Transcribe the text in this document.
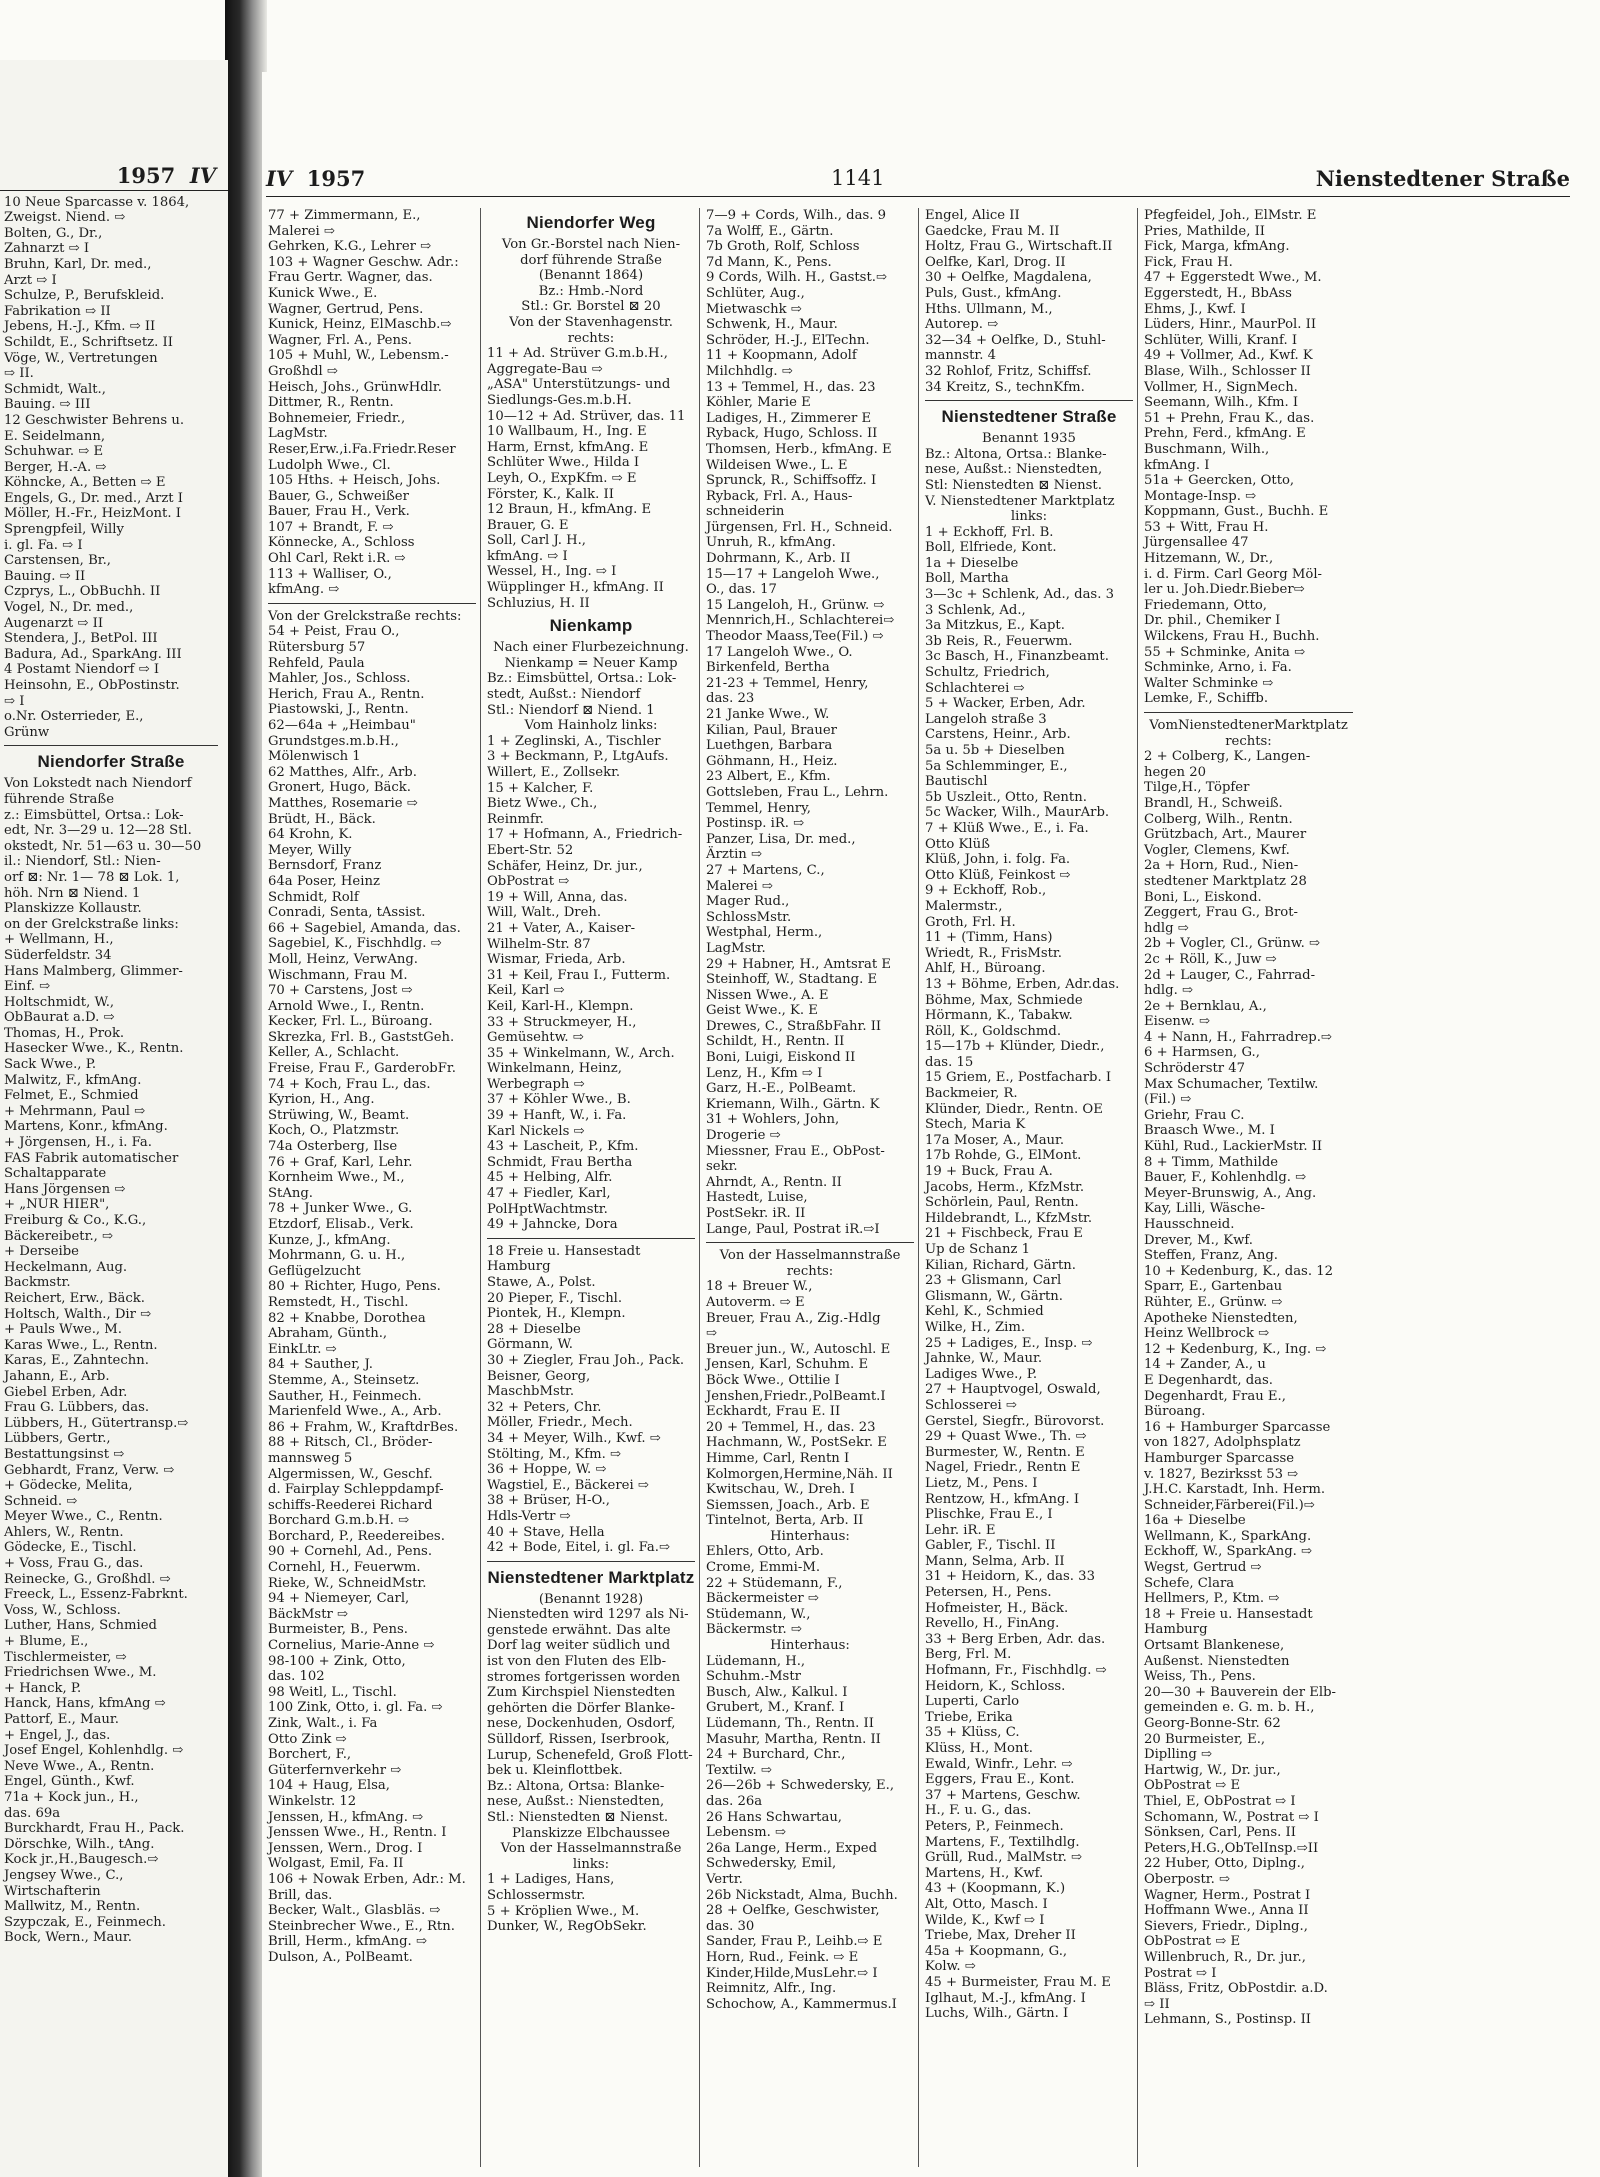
1957 IV
10 Neue Sparcasse v. 1864,
Zweigst. Niend. ⇨
Bolten, G., Dr.,
Zahnarzt ⇨ I
Bruhn, Karl, Dr. med.,
Arzt ⇨ I
Schulze, P., Berufskleid.
Fabrikation ⇨ II
Jebens, H.-J., Kfm. ⇨ II
Schildt, E., Schriftsetz. II
Vöge, W., Vertretungen
⇨ II.
Schmidt, Walt.,
Bauing. ⇨ III
12 Geschwister Behrens u.
E. Seidelmann,
Schuhwar. ⇨ E
Berger, H.-A. ⇨
Köhncke, A., Betten ⇨ E
Engels, G., Dr. med., Arzt I
Möller, H.-Fr., HeizMont. I
Sprengpfeil, Willy
i. gl. Fa. ⇨ I
Carstensen, Br.,
Bauing. ⇨ II
Czprys, L., ObBuchh. II
Vogel, N., Dr. med.,
Augenarzt ⇨ II
Stendera, J., BetPol. III
Badura, Ad., SparkAng. III
4 Postamt Niendorf ⇨ I
Heinsohn, E., ObPostinstr.
⇨ I
o.Nr. Osterrieder, E.,
Grünw
Niendorfer Straße
Von Lokstedt nach Niendorf
führende Straße
z.: Eimsbüttel, Ortsa.: Lok-
edt, Nr. 3—29 u. 12—28 Stl.
okstedt, Nr. 51—63 u. 30—50
il.: Niendorf, Stl.: Nien-
orf ⊠: Nr. 1— 78 ⊠ Lok. 1,
höh. Nrn ⊠ Niend. 1
Planskizze Kollaustr.
on der Grelckstraße links:
+ Wellmann, H.,
Süderfeldstr. 34
Hans Malmberg, Glimmer-
Einf. ⇨
Holtschmidt, W.,
ObBaurat a.D. ⇨
Thomas, H., Prok.
Hasecker Wwe., K., Rentn.
Sack Wwe., P.
Malwitz, F., kfmAng.
Felmet, E., Schmied
+ Mehrmann, Paul ⇨
Martens, Konr., kfmAng.
+ Jörgensen, H., i. Fa.
FAS Fabrik automatischer
Schaltapparate
Hans Jörgensen ⇨
+ „NUR HIER",
Freiburg & Co., K.G.,
Bäckereibetr., ⇨
+ Derseibe
Heckelmann, Aug.
Backmstr.
Reichert, Erw., Bäck.
Holtsch, Walth., Dir ⇨
+ Pauls Wwe., M.
Karas Wwe., L., Rentn.
Karas, E., Zahntechn.
Jahann, E., Arb.
Giebel Erben, Adr.
Frau G. Lübbers, das.
Lübbers, H., Gütertransp.⇨
Lübbers, Gertr.,
Bestattungsinst ⇨
Gebhardt, Franz, Verw. ⇨
+ Gödecke, Melita,
Schneid. ⇨
Meyer Wwe., C., Rentn.
Ahlers, W., Rentn.
Gödecke, E., Tischl.
+ Voss, Frau G., das.
Reinecke, G., Großhdl. ⇨
Freeck, L., Essenz-Fabrknt.
Voss, W., Schloss.
Luther, Hans, Schmied
+ Blume, E.,
Tischlermeister, ⇨
Friedrichsen Wwe., M.
+ Hanck, P.
Hanck, Hans, kfmAng ⇨
Pattorf, E., Maur.
+ Engel, J., das.
Josef Engel, Kohlenhdlg. ⇨
Neve Wwe., A., Rentn.
Engel, Günth., Kwf.
71a + Kock jun., H.,
das. 69a
Burckhardt, Frau H., Pack.
Dörschke, Wilh., tAng.
Kock jr.,H.,Baugesch.⇨
Jengsey Wwe., C.,
Wirtschafterin
Mallwitz, M., Rentn.
Szypczak, E., Feinmech.
Bock, Wern., Maur.
IV 1957	1141	Nienstedtener Straße
77 + Zimmermann, E.,
Malerei ⇨
Gehrken, K.G., Lehrer ⇨
103 + Wagner Geschw. Adr.:
Frau Gertr. Wagner, das.
Kunick Wwe., E.
Wagner, Gertrud, Pens.
Kunick, Heinz, ElMaschb.⇨
Wagner, Frl. A., Pens.
105 + Muhl, W., Lebensm.-
Großhdl ⇨
Heisch, Johs., GrünwHdlr.
Dittmer, R., Rentn.
Bohnemeier, Friedr.,
LagMstr.
Reser,Erw.,i.Fa.Friedr.Reser
Ludolph Wwe., Cl.
105 Hths. + Heisch, Johs.
Bauer, G., Schweißer
Bauer, Frau H., Verk.
107 + Brandt, F. ⇨
Könnecke, A., Schloss
Ohl Carl, Rekt i.R. ⇨
113 + Walliser, O.,
kfmAng. ⇨
Von der Grelckstraße rechts:
54 + Peist, Frau O.,
Rütersburg 57
Rehfeld, Paula
Mahler, Jos., Schloss.
Herich, Frau A., Rentn.
Piastowski, J., Rentn.
62—64a + „Heimbau"
Grundstges.m.b.H.,
Mölenwisch 1
62 Matthes, Alfr., Arb.
Gronert, Hugo, Bäck.
Matthes, Rosemarie ⇨
Brüdt, H., Bäck.
64 Krohn, K.
Meyer, Willy
Bernsdorf, Franz
64a Poser, Heinz
Schmidt, Rolf
Conradi, Senta, tAssist.
66 + Sagebiel, Amanda, das.
Sagebiel, K., Fischhdlg. ⇨
Moll, Heinz, VerwAng.
Wischmann, Frau M.
70 + Carstens, Jost ⇨
Arnold Wwe., I., Rentn.
Kecker, Frl. L., Büroang.
Skrezka, Frl. B., GaststGeh.
Keller, A., Schlacht.
Freise, Frau F., GarderobFr.
74 + Koch, Frau L., das.
Kyrion, H., Ang.
Strüwing, W., Beamt.
Koch, O., Platzmstr.
74a Osterberg, Ilse
76 + Graf, Karl, Lehr.
Kornheim Wwe., M.,
StAng.
78 + Junker Wwe., G.
Etzdorf, Elisab., Verk.
Kunze, J., kfmAng.
Mohrmann, G. u. H.,
Geflügelzucht
80 + Richter, Hugo, Pens.
Remstedt, H., Tischl.
82 + Knabbe, Dorothea
Abraham, Günth.,
EinkLtr. ⇨
84 + Sauther, J.
Stemme, A., Steinsetz.
Sauther, H., Feinmech.
Marienfeld Wwe., A., Arb.
86 + Frahm, W., KraftdrBes.
88 + Ritsch, Cl., Bröder-
mannsweg 5
Algermissen, W., Geschf.
d. Fairplay Schleppdampf-
schiffs-Reederei Richard
Borchard G.m.b.H. ⇨
Borchard, P., Reedereibes.
90 + Cornehl, Ad., Pens.
Cornehl, H., Feuerwm.
Rieke, W., SchneidMstr.
94 + Niemeyer, Carl,
BäckMstr ⇨
Burmeister, B., Pens.
Cornelius, Marie-Anne ⇨
98-100 + Zink, Otto,
das. 102
98 Weitl, L., Tischl.
100 Zink, Otto, i. gl. Fa. ⇨
Zink, Walt., i. Fa
Otto Zink ⇨
Borchert, F.,
Güterfernverkehr ⇨
104 + Haug, Elsa,
Winkelstr. 12
Jenssen, H., kfmAng. ⇨
Jenssen Wwe., H., Rentn. I
Jenssen, Wern., Drog. I
Wolgast, Emil, Fa. II
106 + Nowak Erben, Adr.: M.
Brill, das.
Becker, Walt., Glasbläs. ⇨
Steinbrecher Wwe., E., Rtn.
Brill, Herm., kfmAng. ⇨
Dulson, A., PolBeamt.
Niendorfer Weg
Von Gr.-Borstel nach Nien-
dorf führende Straße
(Benannt 1864)
Bz.: Hmb.-Nord
Stl.: Gr. Borstel ⊠ 20
Von der Stavenhagenstr.
rechts:
11 + Ad. Strüver G.m.b.H.,
Aggregate-Bau ⇨
„ASA" Unterstützungs- und
Siedlungs-Ges.m.b.H.
10—12 + Ad. Strüver, das. 11
10 Wallbaum, H., Ing. E
Harm, Ernst, kfmAng. E
Schlüter Wwe., Hilda I
Leyh, O., ExpKfm. ⇨ E
Förster, K., Kalk. II
12 Braun, H., kfmAng. E
Brauer, G. E
Soll, Carl J. H.,
kfmAng. ⇨ I
Wessel, H., Ing. ⇨ I
Wüpplinger H., kfmAng. II
Schluzius, H. II
Nienkamp
Nach einer Flurbezeichnung.
Nienkamp = Neuer Kamp
Bz.: Eimsbüttel, Ortsa.: Lok-
stedt, Außst.: Niendorf
Stl.: Niendorf ⊠ Niend. 1
Vom Hainholz links:
1 + Zeglinski, A., Tischler
3 + Beckmann, P., LtgAufs.
Willert, E., Zollsekr.
15 + Kalcher, F.
Bietz Wwe., Ch.,
Reinmfr.
17 + Hofmann, A., Friedrich-
Ebert-Str. 52
Schäfer, Heinz, Dr. jur.,
ObPostrat ⇨
19 + Will, Anna, das.
Will, Walt., Dreh.
21 + Vater, A., Kaiser-
Wilhelm-Str. 87
Wismar, Frieda, Arb.
31 + Keil, Frau I., Futterm.
Keil, Karl ⇨
Keil, Karl-H., Klempn.
33 + Struckmeyer, H.,
Gemüsehtw. ⇨
35 + Winkelmann, W., Arch.
Winkelmann, Heinz,
Werbegraph ⇨
37 + Köhler Wwe., B.
39 + Hanft, W., i. Fa.
Karl Nickels ⇨
43 + Lascheit, P., Kfm.
Schmidt, Frau Bertha
45 + Helbing, Alfr.
47 + Fiedler, Karl,
PolHptWachtmstr.
49 + Jahncke, Dora
18 Freie u. Hansestadt
Hamburg
Stawe, A., Polst.
20 Pieper, F., Tischl.
Piontek, H., Klempn.
28 + Dieselbe
Görmann, W.
30 + Ziegler, Frau Joh., Pack.
Beisner, Georg,
MaschbMstr.
32 + Peters, Chr.
Möller, Friedr., Mech.
34 + Meyer, Wilh., Kwf. ⇨
Stölting, M., Kfm. ⇨
36 + Hoppe, W. ⇨
Wagstiel, E., Bäckerei ⇨
38 + Brüser, H-O.,
Hdls-Vertr ⇨
40 + Stave, Hella
42 + Bode, Eitel, i. gl. Fa.⇨
Nienstedtener Marktplatz
(Benannt 1928)
Nienstedten wird 1297 als Ni-
genstede erwähnt. Das alte
Dorf lag weiter südlich und
ist von den Fluten des Elb-
stromes fortgerissen worden
Zum Kirchspiel Nienstedten
gehörten die Dörfer Blanke-
nese, Dockenhuden, Osdorf,
Sülldorf, Rissen, Iserbrook,
Lurup, Schenefeld, Groß Flott-
bek u. Kleinflottbek.
Bz.: Altona, Ortsa: Blanke-
nese, Außst.: Nienstedten,
Stl.: Nienstedten ⊠ Nienst.
Planskizze Elbchaussee
Von der Hasselmannstraße
links:
1 + Ladiges, Hans,
Schlossermstr.
5 + Kröplien Wwe., M.
Dunker, W., RegObSekr.
7—9 + Cords, Wilh., das. 9
7a Wolff, E., Gärtn.
7b Groth, Rolf, Schloss
7d Mann, K., Pens.
9 Cords, Wilh. H., Gastst.⇨
Schlüter, Aug.,
Mietwaschk ⇨
Schwenk, H., Maur.
Schröder, H.-J., ElTechn.
11 + Koopmann, Adolf
Milchhdlg. ⇨
13 + Temmel, H., das. 23
Köhler, Marie E
Ladiges, H., Zimmerer E
Ryback, Hugo, Schloss. II
Thomsen, Herb., kfmAng. E
Wildeisen Wwe., L. E
Sprunck, R., Schiffsoffz. I
Ryback, Frl. A., Haus-
schneiderin
Jürgensen, Frl. H., Schneid.
Unruh, R., kfmAng.
Dohrmann, K., Arb. II
15—17 + Langeloh Wwe.,
O., das. 17
15 Langeloh, H., Grünw. ⇨
Mennrich,H., Schlachterei⇨
Theodor Maass,Tee(Fil.) ⇨
17 Langeloh Wwe., O.
Birkenfeld, Bertha
21-23 + Temmel, Henry,
das. 23
21 Janke Wwe., W.
Kilian, Paul, Brauer
Luethgen, Barbara
Göhmann, H., Heiz.
23 Albert, E., Kfm.
Gottsleben, Frau L., Lehrn.
Temmel, Henry,
Postinsp. iR. ⇨
Panzer, Lisa, Dr. med.,
Ärztin ⇨
27 + Martens, C.,
Malerei ⇨
Mager Rud.,
SchlossMstr.
Westphal, Herm.,
LagMstr.
29 + Habner, H., Amtsrat E
Steinhoff, W., Stadtang. E
Nissen Wwe., A. E
Geist Wwe., K. E
Drewes, C., StraßbFahr. II
Schildt, H., Rentn. II
Boni, Luigi, Eiskond II
Lenz, H., Kfm ⇨ I
Garz, H.-E., PolBeamt.
Kriemann, Wilh., Gärtn. K
31 + Wohlers, John,
Drogerie ⇨
Miessner, Frau E., ObPost-
sekr.
Ahrndt, A., Rentn. II
Hastedt, Luise,
PostSekr. iR. II
Lange, Paul, Postrat iR.⇨I
Von der Hasselmannstraße
rechts:
18 + Breuer W.,
Autoverm. ⇨ E
Breuer, Frau A., Zig.-Hdlg
⇨
Breuer jun., W., Autoschl. E
Jensen, Karl, Schuhm. E
Böck Wwe., Ottilie I
Jenshen,Friedr.,PolBeamt.I
Eckhardt, Frau E. II
20 + Temmel, H., das. 23
Hachmann, W., PostSekr. E
Himme, Carl, Rentn I
Kolmorgen,Hermine,Näh. II
Kwitschau, W., Dreh. I
Siemssen, Joach., Arb. E
Tintelnot, Berta, Arb. II
Hinterhaus:
Ehlers, Otto, Arb.
Crome, Emmi-M.
22 + Stüdemann, F.,
Bäckermeister ⇨
Stüdemann, W.,
Bäckermstr. ⇨
Hinterhaus:
Lüdemann, H.,
Schuhm.-Mstr
Busch, Alw., Kalkul. I
Grubert, M., Kranf. I
Lüdemann, Th., Rentn. II
Masuhr, Martha, Rentn. II
24 + Burchard, Chr.,
Textilw. ⇨
26—26b + Schwedersky, E.,
das. 26a
26 Hans Schwartau,
Lebensm. ⇨
26a Lange, Herm., Exped
Schwedersky, Emil,
Vertr.
26b Nickstadt, Alma, Buchh.
28 + Oelfke, Geschwister,
das. 30
Sander, Frau P., Leihb.⇨ E
Horn, Rud., Feink. ⇨ E
Kinder,Hilde,MusLehr.⇨ I
Reimnitz, Alfr., Ing.
Schochow, A., Kammermus.I
Engel, Alice II
Gaedcke, Frau M. II
Holtz, Frau G., Wirtschaft.II
Oelfke, Karl, Drog. II
30 + Oelfke, Magdalena,
Puls, Gust., kfmAng.
Hths. Ullmann, M.,
Autorep. ⇨
32—34 + Oelfke, D., Stuhl-
mannstr. 4
32 Rohlof, Fritz, Schiffsf.
34 Kreitz, S., technKfm.
Nienstedtener Straße
Benannt 1935
Bz.: Altona, Ortsa.: Blanke-
nese, Außst.: Nienstedten,
Stl: Nienstedten ⊠ Nienst.
V. Nienstedtener Marktplatz
links:
1 + Eckhoff, Frl. B.
Boll, Elfriede, Kont.
1a + Dieselbe
Boll, Martha
3—3c + Schlenk, Ad., das. 3
3 Schlenk, Ad.,
3a Mitzkus, E., Kapt.
3b Reis, R., Feuerwm.
3c Basch, H., Finanzbeamt.
Schultz, Friedrich,
Schlachterei ⇨
5 + Wacker, Erben, Adr.
Langeloh straße 3
Carstens, Heinr., Arb.
5a u. 5b + Dieselben
5a Schlemminger, E.,
Bautischl
5b Uszleit., Otto, Rentn.
5c Wacker, Wilh., MaurArb.
7 + Klüß Wwe., E., i. Fa.
Otto Klüß
Klüß, John, i. folg. Fa.
Otto Klüß, Feinkost ⇨
9 + Eckhoff, Rob.,
Malermstr.,
Groth, Frl. H.
11 + (Timm, Hans)
Wriedt, R., FrisMstr.
Ahlf, H., Büroang.
13 + Böhme, Erben, Adr.das.
Böhme, Max, Schmiede
Hörmann, K., Tabakw.
Röll, K., Goldschmd.
15—17b + Klünder, Diedr.,
das. 15
15 Griem, E., Postfacharb. I
Backmeier, R.
Klünder, Diedr., Rentn. OE
Stech, Maria K
17a Moser, A., Maur.
17b Rohde, G., ElMont.
19 + Buck, Frau A.
Jacobs, Herm., KfzMstr.
Schörlein, Paul, Rentn.
Hildebrandt, L., KfzMstr.
21 + Fischbeck, Frau E
Up de Schanz 1
Kilian, Richard, Gärtn.
23 + Glismann, Carl
Glismann, W., Gärtn.
Kehl, K., Schmied
Wilke, H., Zim.
25 + Ladiges, E., Insp. ⇨
Jahnke, W., Maur.
Ladiges Wwe., P.
27 + Hauptvogel, Oswald,
Schlosserei ⇨
Gerstel, Siegfr., Bürovorst.
29 + Quast Wwe., Th. ⇨
Burmester, W., Rentn. E
Nagel, Friedr., Rentn E
Lietz, M., Pens. I
Rentzow, H., kfmAng. I
Plischke, Frau E., I
Lehr. iR. E
Gabler, F., Tischl. II
Mann, Selma, Arb. II
31 + Heidorn, K., das. 33
Petersen, H., Pens.
Hofmeister, H., Bäck.
Revello, H., FinAng.
33 + Berg Erben, Adr. das.
Berg, Frl. M.
Hofmann, Fr., Fischhdlg. ⇨
Heidorn, K., Schloss.
Luperti, Carlo
Triebe, Erika
35 + Klüss, C.
Klüss, H., Mont.
Ewald, Winfr., Lehr. ⇨
Eggers, Frau E., Kont.
37 + Martens, Geschw.
H., F. u. G., das.
Peters, P., Feinmech.
Martens, F., Textilhdlg.
Grüll, Rud., MalMstr. ⇨
Martens, H., Kwf.
43 + (Koopmann, K.)
Alt, Otto, Masch. I
Wilde, K., Kwf ⇨ I
Triebe, Max, Dreher II
45a + Koopmann, G.,
Kolw. ⇨
45 + Burmeister, Frau M. E
Iglhaut, M.-J., kfmAng. I
Luchs, Wilh., Gärtn. I
Pfegfeidel, Joh., ElMstr. E
Pries, Mathilde, II
Fick, Marga, kfmAng.
Fick, Frau H.
47 + Eggerstedt Wwe., M.
Eggerstedt, H., BbAss
Ehms, J., Kwf. I
Lüders, Hinr., MaurPol. II
Schlüter, Willi, Kranf. I
49 + Vollmer, Ad., Kwf. K
Blase, Wilh., Schlosser II
Vollmer, H., SignMech.
Seemann, Wilh., Kfm. I
51 + Prehn, Frau K., das.
Prehn, Ferd., kfmAng. E
Buschmann, Wilh.,
kfmAng. I
51a + Geercken, Otto,
Montage-Insp. ⇨
Koppmann, Gust., Buchh. E
53 + Witt, Frau H.
Jürgensallee 47
Hitzemann, W., Dr.,
i. d. Firm. Carl Georg Möl-
ler u. Joh.Diedr.Bieber⇨
Friedemann, Otto,
Dr. phil., Chemiker I
Wilckens, Frau H., Buchh.
55 + Schminke, Anita ⇨
Schminke, Arno, i. Fa.
Walter Schminke ⇨
Lemke, F., Schiffb.
VomNienstedtenerMarktplatz
rechts:
2 + Colberg, K., Langen-
hegen 20
Tilge,H., Töpfer
Brandl, H., Schweiß.
Colberg, Wilh., Rentn.
Grützbach, Art., Maurer
Vogler, Clemens, Kwf.
2a + Horn, Rud., Nien-
stedtener Marktplatz 28
Boni, L., Eiskond.
Zeggert, Frau G., Brot-
hdlg ⇨
2b + Vogler, Cl., Grünw. ⇨
2c + Röll, K., Juw ⇨
2d + Lauger, C., Fahrrad-
hdlg. ⇨
2e + Bernklau, A.,
Eisenw. ⇨
4 + Nann, H., Fahrradrep.⇨
6 + Harmsen, G.,
Schröderstr 47
Max Schumacher, Textilw.
(Fil.) ⇨
Griehr, Frau C.
Braasch Wwe., M. I
Kühl, Rud., LackierMstr. II
8 + Timm, Mathilde
Bauer, F., Kohlenhdlg. ⇨
Meyer-Brunswig, A., Ang.
Kay, Lilli, Wäsche-
Hausschneid.
Drever, M., Kwf.
Steffen, Franz, Ang.
10 + Kedenburg, K., das. 12
Sparr, E., Gartenbau
Rühter, E., Grünw. ⇨
Apotheke Nienstedten,
Heinz Wellbrock ⇨
12 + Kedenburg, K., Ing. ⇨
14 + Zander, A., u
E Degenhardt, das.
Degenhardt, Frau E.,
Büroang.
16 + Hamburger Sparcasse
von 1827, Adolphsplatz
Hamburger Sparcasse
v. 1827, Bezirksst 53 ⇨
J.H.C. Karstadt, Inh. Herm.
Schneider,Färberei(Fil.)⇨
16a + Dieselbe
Wellmann, K., SparkAng.
Eckhoff, W., SparkAng. ⇨
Wegst, Gertrud ⇨
Schefe, Clara
Hellmers, P., Ktm. ⇨
18 + Freie u. Hansestadt
Hamburg
Ortsamt Blankenese,
Außenst. Nienstedten
Weiss, Th., Pens.
20—30 + Bauverein der Elb-
gemeinden e. G. m. b. H.,
Georg-Bonne-Str. 62
20 Burmeister, E.,
Diplling ⇨
Hartwig, W., Dr. jur.,
ObPostrat ⇨ E
Thiel, E, ObPostrat ⇨ I
Schomann, W., Postrat ⇨ I
Sönksen, Carl, Pens. II
Peters,H.G.,ObTelInsp.⇨II
22 Huber, Otto, Diplng.,
Oberpostr. ⇨
Wagner, Herm., Postrat I
Hoffmann Wwe., Anna II
Sievers, Friedr., Diplng.,
ObPostrat ⇨ E
Willenbruch, R., Dr. jur.,
Postrat ⇨ I
Bläss, Fritz, ObPostdir. a.D.
⇨ II
Lehmann, S., Postinsp. II
